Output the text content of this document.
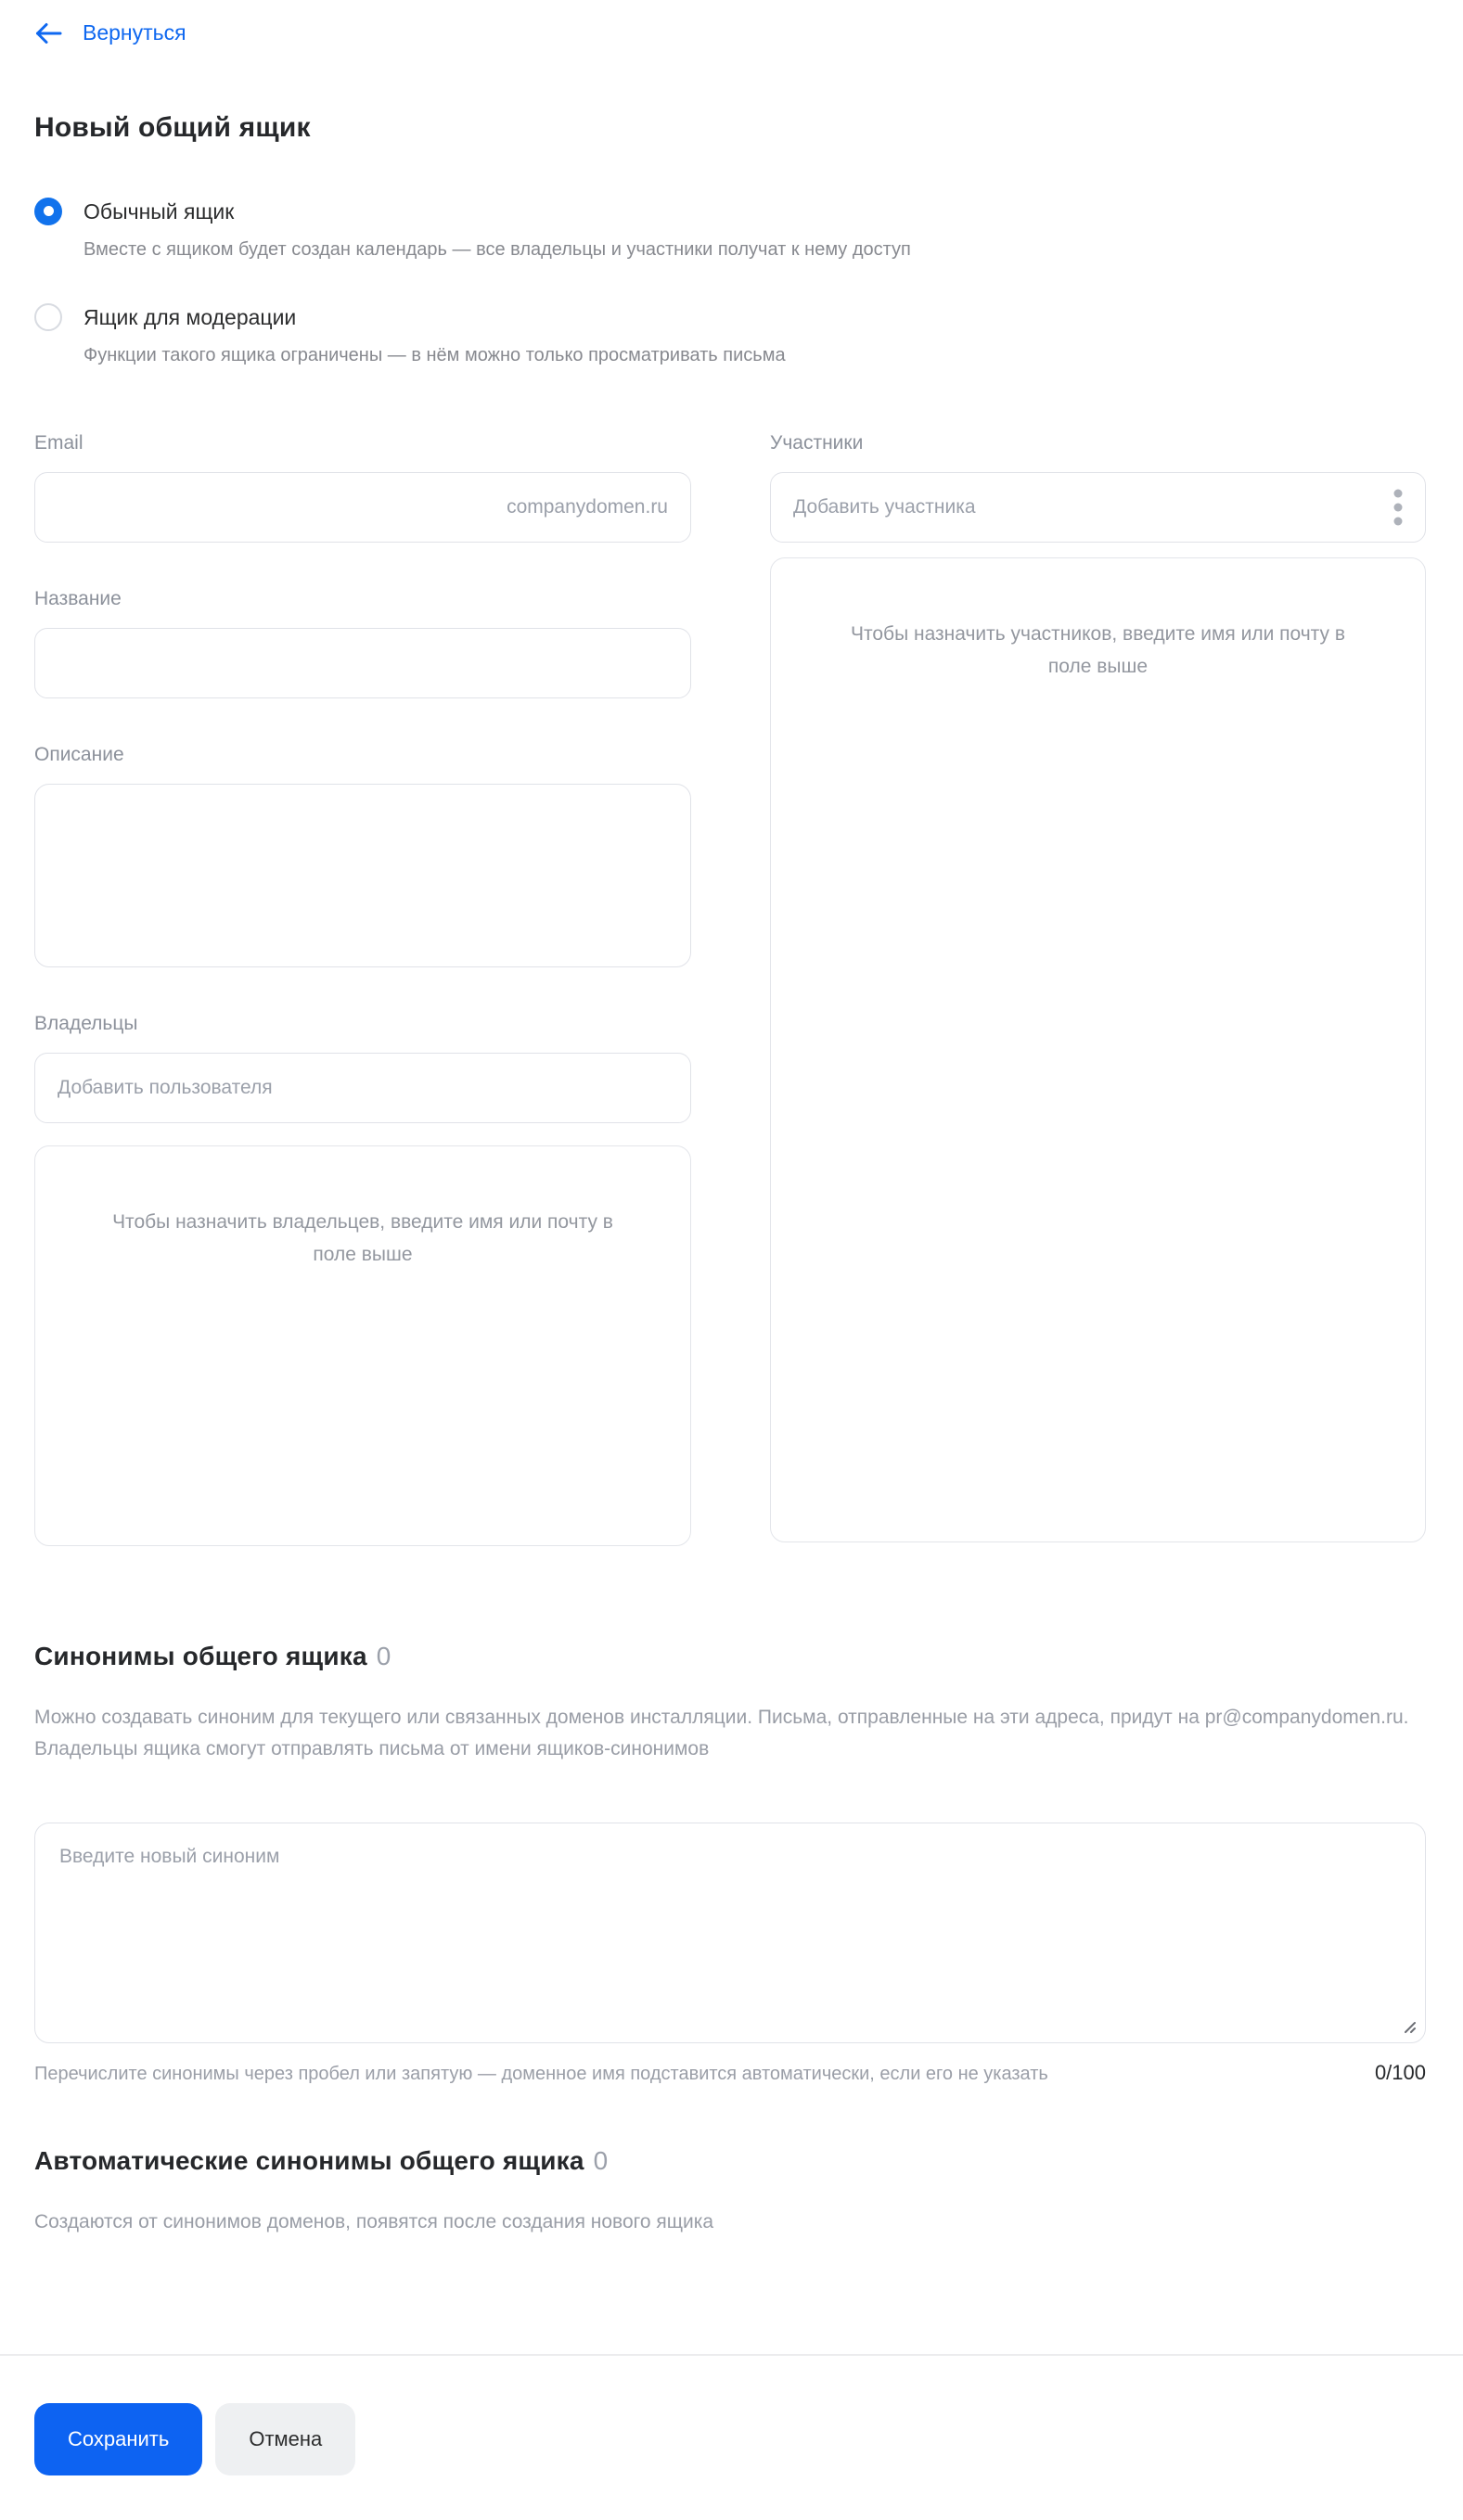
Вернуться
Новый общий ящик
Обычный ящик
Вместе с ящиком будет создан календарь — все владельцы и участники получат к нему доступ
Ящик для модерации
Функции такого ящика ограничены — в нём можно только просматривать письма
Email
companydomen.ru
Название
Описание
Владельцы
Добавить пользователя
Чтобы назначить владельцев, введите имя или почту в поле выше
Участники
Добавить участника
Чтобы назначить участников, введите имя или почту в поле выше
Синонимы общего ящика 0

Можно создавать синоним для текущего или связанных доменов инсталляции. Письма, отправленные на эти адреса, придут на pr@companydomen.ru. Владельцы ящика смогут отправлять письма от имени ящиков-синонимов

Введите новый синоним
Перечислите синонимы через пробел или запятую — доменное имя подставится автоматически, если его не указать	0/100
Автоматические синонимы общего ящика 0

Создаются от синонимов доменов, появятся после создания нового ящика

Сохранить	Отмена
